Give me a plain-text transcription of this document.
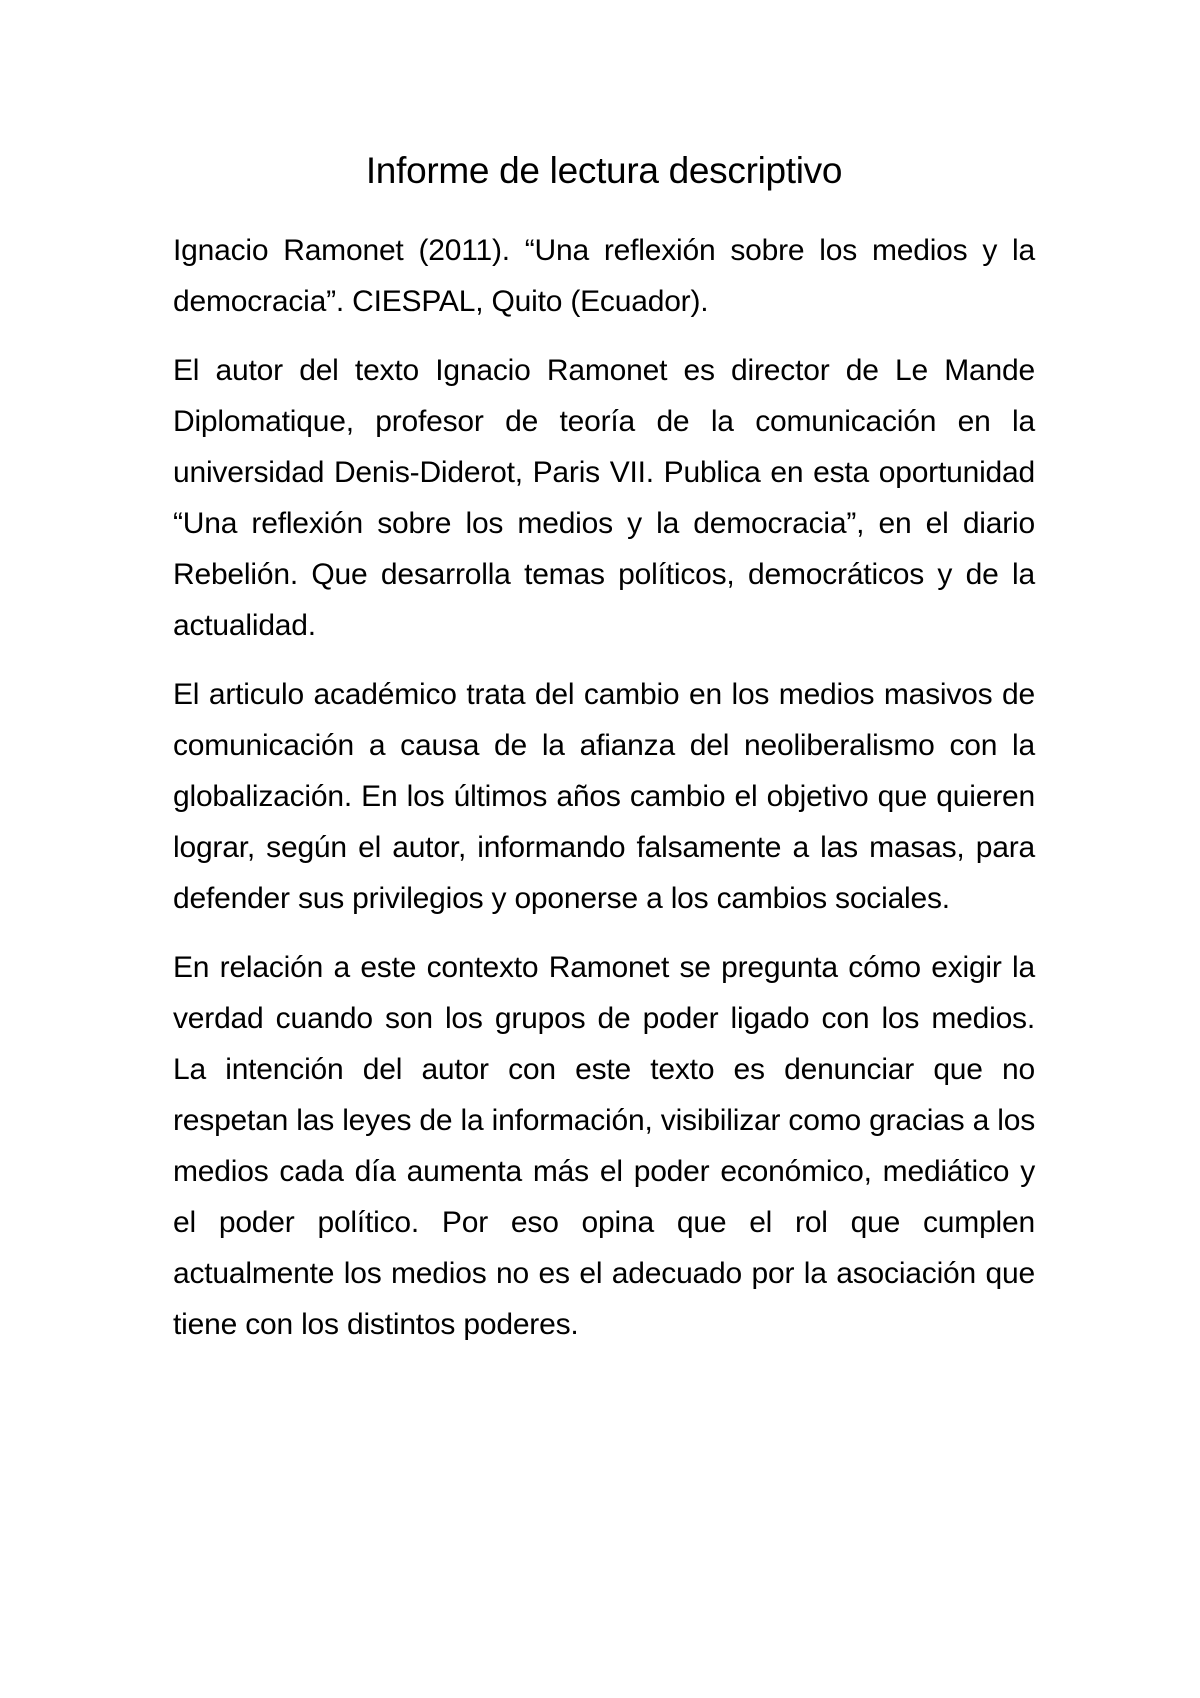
Informe de lectura descriptivo

Ignacio Ramonet (2011). “Una reflexión sobre los medios y la democracia”. CIESPAL, Quito (Ecuador).

El autor del texto Ignacio Ramonet es director de Le Mande Diplomatique, profesor de teoría de la comunicación en la universidad Denis-Diderot, Paris VII. Publica en esta oportunidad “Una reflexión sobre los medios y la democracia”, en el diario Rebelión. Que desarrolla temas políticos, democráticos y de la actualidad.

El articulo académico trata del cambio en los medios masivos de comunicación a causa de la afianza del neoliberalismo con la globalización. En los últimos años cambio el objetivo que quieren lograr, según el autor, informando falsamente a las masas, para defender sus privilegios y oponerse a los cambios sociales.

En relación a este contexto Ramonet se pregunta cómo exigir la verdad cuando son los grupos de poder ligado con los medios. La intención del autor con este texto es denunciar que no respetan las leyes de la información, visibilizar como gracias a los medios cada día aumenta más el poder económico, mediático y el poder político. Por eso opina que el rol que cumplen actualmente los medios no es el adecuado por la asociación que tiene con los distintos poderes.
